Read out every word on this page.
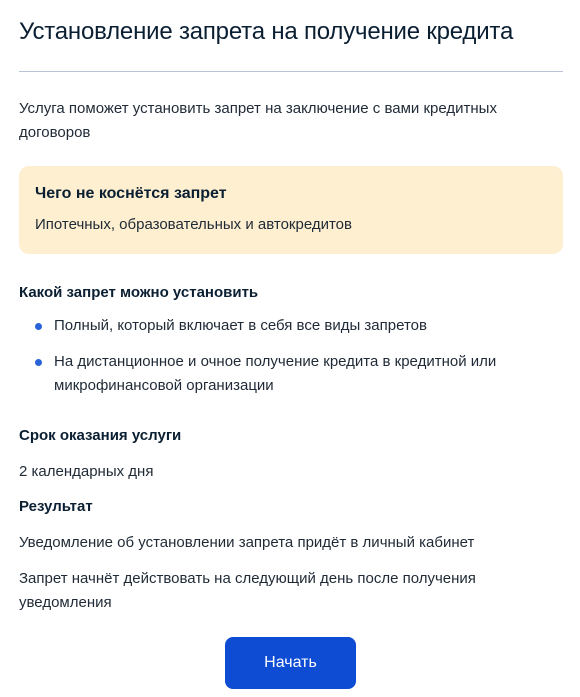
Установление запрета на получение кредита

Услуга поможет установить запрет на заключение с вами кредитных договоров

Чего не коснётся запрет
Ипотечных, образовательных и автокредитов
Какой запрет можно установить
Полный, который включает в себя все виды запретов
На дистанционное и очное получение кредита в кредитной или микрофинансовой организации
Срок оказания услуги
2 календарных дня
Результат
Уведомление об установлении запрета придёт в личный кабинет
Запрет начнёт действовать на следующий день после получения уведомления
Начать
